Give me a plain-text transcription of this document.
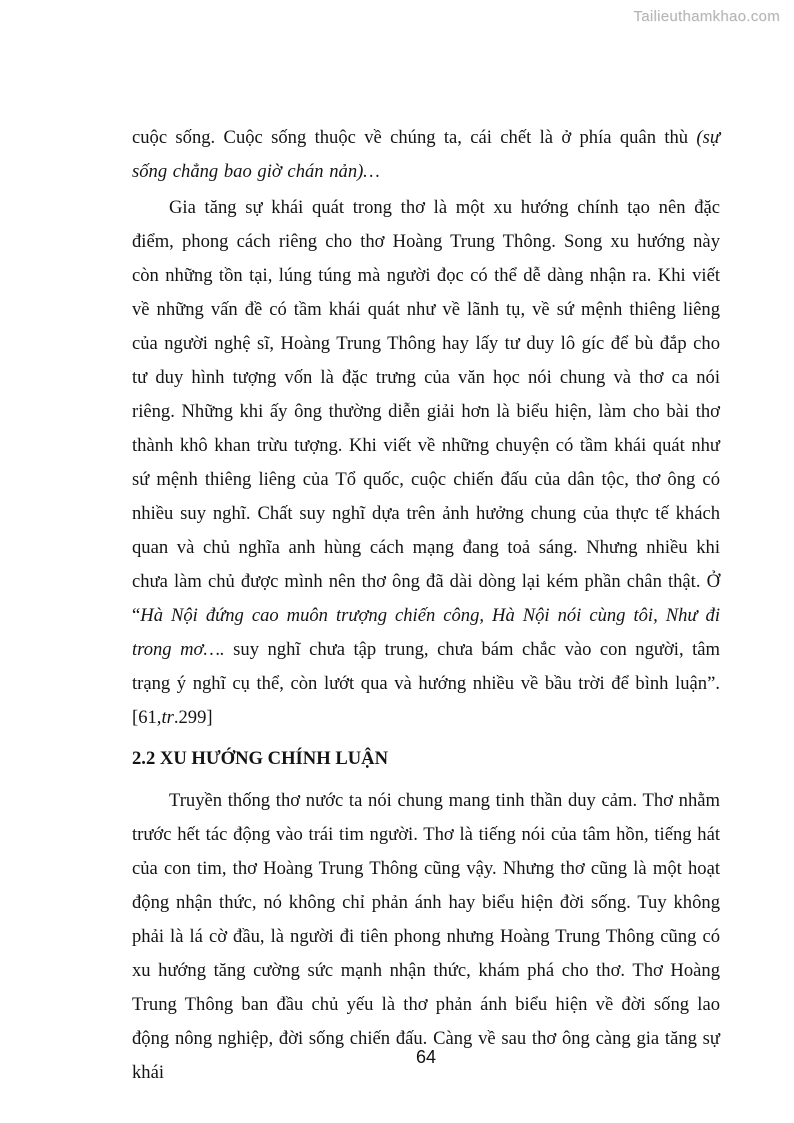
Tailieuthamkhao.com

cuộc sống. Cuộc sống thuộc về chúng ta, cái chết là ở phía quân thù (sự sống chẳng bao giờ chán nản)…

Gia tăng sự khái quát trong thơ là một xu hướng chính tạo nên đặc điểm, phong cách riêng cho thơ Hoàng Trung Thông. Song xu hướng này còn những tồn tại, lúng túng mà người đọc có thể dễ dàng nhận ra. Khi viết về những vấn đề có tầm khái quát như về lãnh tụ, về sứ mệnh thiêng liêng của người nghệ sĩ, Hoàng Trung Thông hay lấy tư duy lô gíc để bù đắp cho tư duy hình tượng vốn là đặc trưng của văn học nói chung và thơ ca nói riêng. Những khi ấy ông thường diễn giải hơn là biểu hiện, làm cho bài thơ thành khô khan trừu tượng. Khi viết về những chuyện có tầm khái quát như sứ mệnh thiêng liêng của Tổ quốc, cuộc chiến đấu của dân tộc, thơ ông có nhiều suy nghĩ. Chất suy nghĩ dựa trên ảnh hưởng chung của thực tế khách quan và chủ nghĩa anh hùng cách mạng đang toả sáng. Nhưng nhiều khi chưa làm chủ được mình nên thơ ông đã dài dòng lại kém phần chân thật. Ở “Hà Nội đứng cao muôn trượng chiến công, Hà Nội nói cùng tôi, Như đi trong mơ…. suy nghĩ chưa tập trung, chưa bám chắc vào con người, tâm trạng ý nghĩ cụ thể, còn lướt qua và hướng nhiều về bầu trời để bình luận”. [61,tr.299]

2.2 XU HƯỚNG CHÍNH LUẬN

Truyền thống thơ nước ta nói chung mang tinh thần duy cảm. Thơ nhằm trước hết tác động vào trái tim người. Thơ là tiếng nói của tâm hồn, tiếng hát của con tim, thơ Hoàng Trung Thông cũng vậy. Nhưng thơ cũng là một hoạt động nhận thức, nó không chỉ phản ánh hay biểu hiện đời sống. Tuy không phải là lá cờ đầu, là người đi tiên phong nhưng Hoàng Trung Thông cũng có xu hướng tăng cường sức mạnh nhận thức, khám phá cho thơ. Thơ Hoàng Trung Thông ban đầu chủ yếu là thơ phản ánh biểu hiện về đời sống lao động nông nghiệp, đời sống chiến đấu. Càng về sau thơ ông càng gia tăng sự khái

64
